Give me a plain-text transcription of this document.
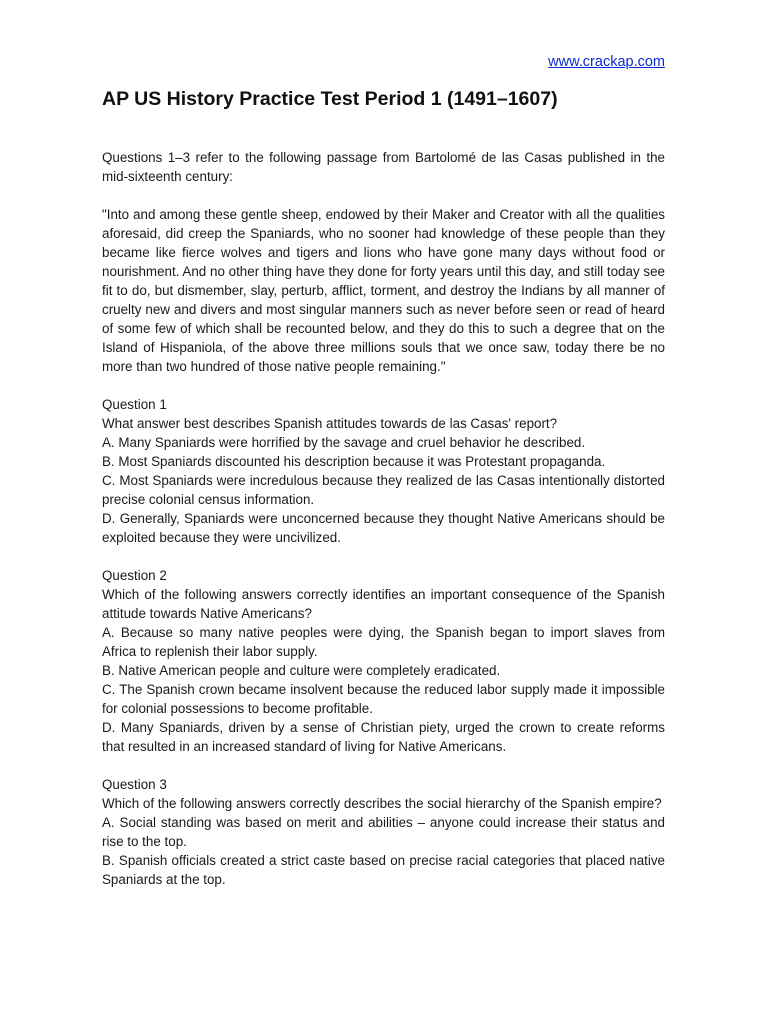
www.crackap.com
AP US History Practice Test Period 1 (1491–1607)

Questions 1–3 refer to the following passage from Bartolomé de las Casas published in the mid-sixteenth century:

"Into and among these gentle sheep, endowed by their Maker and Creator with all the qualities aforesaid, did creep the Spaniards, who no sooner had knowledge of these people than they became like fierce wolves and tigers and lions who have gone many days without food or nourishment. And no other thing have they done for forty years until this day, and still today see fit to do, but dismember, slay, perturb, afflict, torment, and destroy the Indians by all manner of cruelty new and divers and most singular manners such as never before seen or read of heard of some few of which shall be recounted below, and they do this to such a degree that on the Island of Hispaniola, of the above three millions souls that we once saw, today there be no more than two hundred of those native people remaining."

Question 1

What answer best describes Spanish attitudes towards de las Casas' report?

A. Many Spaniards were horrified by the savage and cruel behavior he described.

B. Most Spaniards discounted his description because it was Protestant propaganda.

C. Most Spaniards were incredulous because they realized de las Casas intentionally distorted precise colonial census information.

D. Generally, Spaniards were unconcerned because they thought Native Americans should be exploited because they were uncivilized.

Question 2

Which of the following answers correctly identifies an important consequence of the Spanish attitude towards Native Americans?

A. Because so many native peoples were dying, the Spanish began to import slaves from Africa to replenish their labor supply.

B. Native American people and culture were completely eradicated.

C. The Spanish crown became insolvent because the reduced labor supply made it impossible for colonial possessions to become profitable.

D. Many Spaniards, driven by a sense of Christian piety, urged the crown to create reforms that resulted in an increased standard of living for Native Americans.

Question 3

Which of the following answers correctly describes the social hierarchy of the Spanish empire?

A. Social standing was based on merit and abilities – anyone could increase their status and rise to the top.

B. Spanish officials created a strict caste based on precise racial categories that placed native Spaniards at the top.
